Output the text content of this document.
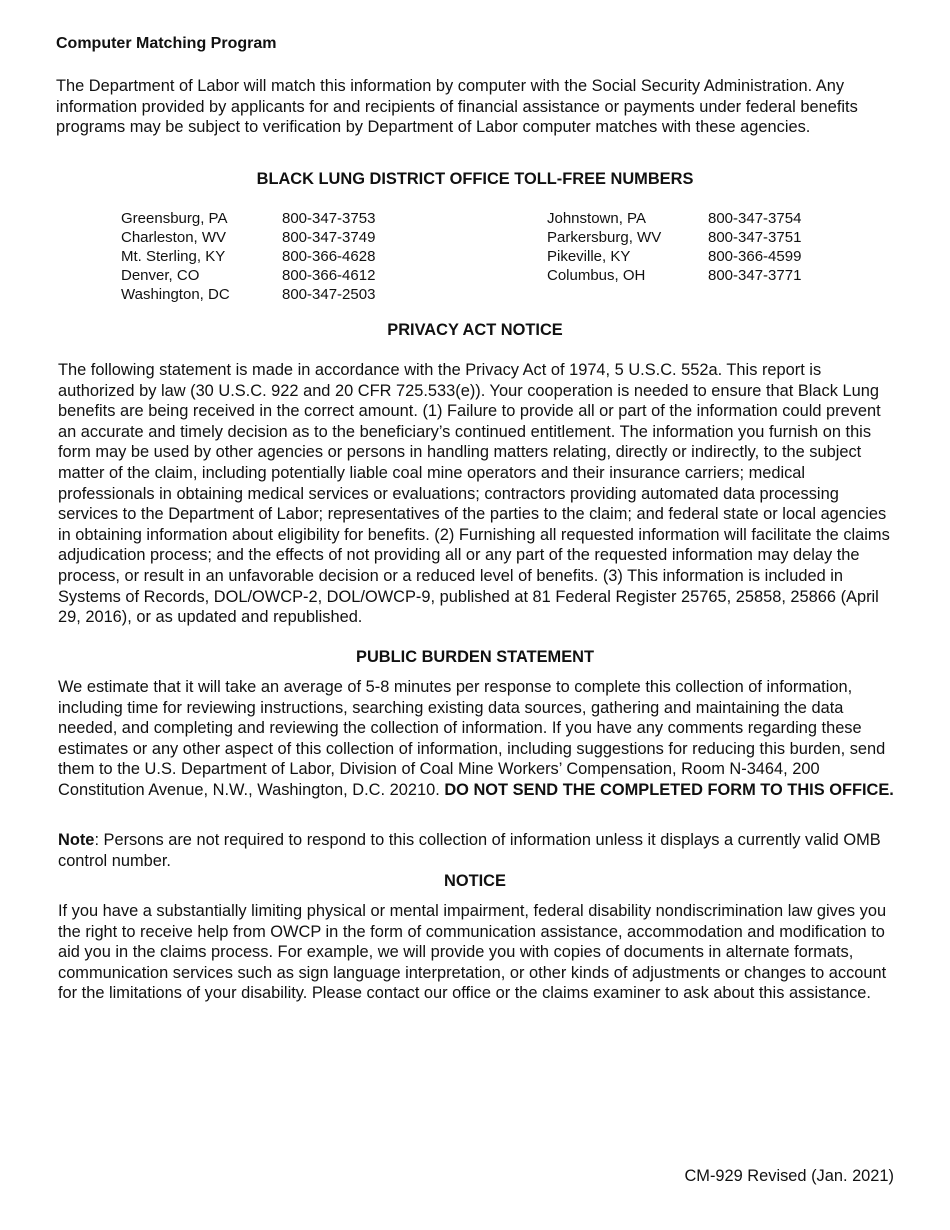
Computer Matching Program

The Department of Labor will match this information by computer with the Social Security Administration. Any information provided by applicants for and recipients of financial assistance or payments under federal benefits programs may be subject to verification by Department of Labor computer matches with these agencies.

BLACK LUNG DISTRICT OFFICE TOLL-FREE NUMBERS
Greensburg, PA	800-347-3753
Charleston, WV	800-347-3749
Mt. Sterling, KY	800-366-4628
Denver, CO	800-366-4612
Washington, DC	800-347-2503
Johnstown, PA	800-347-3754
Parkersburg, WV	800-347-3751
Pikeville, KY	800-366-4599
Columbus, OH	800-347-3771
PRIVACY ACT NOTICE

The following statement is made in accordance with the Privacy Act of 1974, 5 U.S.C. 552a. This report is authorized by law (30 U.S.C. 922 and 20 CFR 725.533(e)). Your cooperation is needed to ensure that Black Lung benefits are being received in the correct amount. (1) Failure to provide all or part of the information could prevent an accurate and timely decision as to the beneficiary’s continued entitlement. The information you furnish on this form may be used by other agencies or persons in handling matters relating, directly or indirectly, to the subject matter of the claim, including potentially liable coal mine operators and their insurance carriers; medical professionals in obtaining medical services or evaluations; contractors providing automated data processing services to the Department of Labor; representatives of the parties to the claim; and federal state or local agencies in obtaining information about eligibility for benefits. (2) Furnishing all requested information will facilitate the claims adjudication process; and the effects of not providing all or any part of the requested information may delay the process, or result in an unfavorable decision or a reduced level of benefits. (3) This information is included in Systems of Records, DOL/OWCP-2, DOL/OWCP-9, published at 81 Federal Register 25765, 25858, 25866 (April 29, 2016), or as updated and republished.

PUBLIC BURDEN STATEMENT

We estimate that it will take an average of 5-8 minutes per response to complete this collection of information, including time for reviewing instructions, searching existing data sources, gathering and maintaining the data needed, and completing and reviewing the collection of information. If you have any comments regarding these estimates or any other aspect of this collection of information, including suggestions for reducing this burden, send them to the U.S. Department of Labor, Division of Coal Mine Workers’ Compensation, Room N-3464, 200 Constitution Avenue, N.W., Washington, D.C. 20210. DO NOT SEND THE COMPLETED FORM TO THIS OFFICE.

Note: Persons are not required to respond to this collection of information unless it displays a currently valid OMB control number.

NOTICE

If you have a substantially limiting physical or mental impairment, federal disability nondiscrimination law gives you the right to receive help from OWCP in the form of communication assistance, accommodation and modification to aid you in the claims process. For example, we will provide you with copies of documents in alternate formats, communication services such as sign language interpretation, or other kinds of adjustments or changes to account for the limitations of your disability. Please contact our office or the claims examiner to ask about this assistance.

CM-929 Revised (Jan. 2021)
